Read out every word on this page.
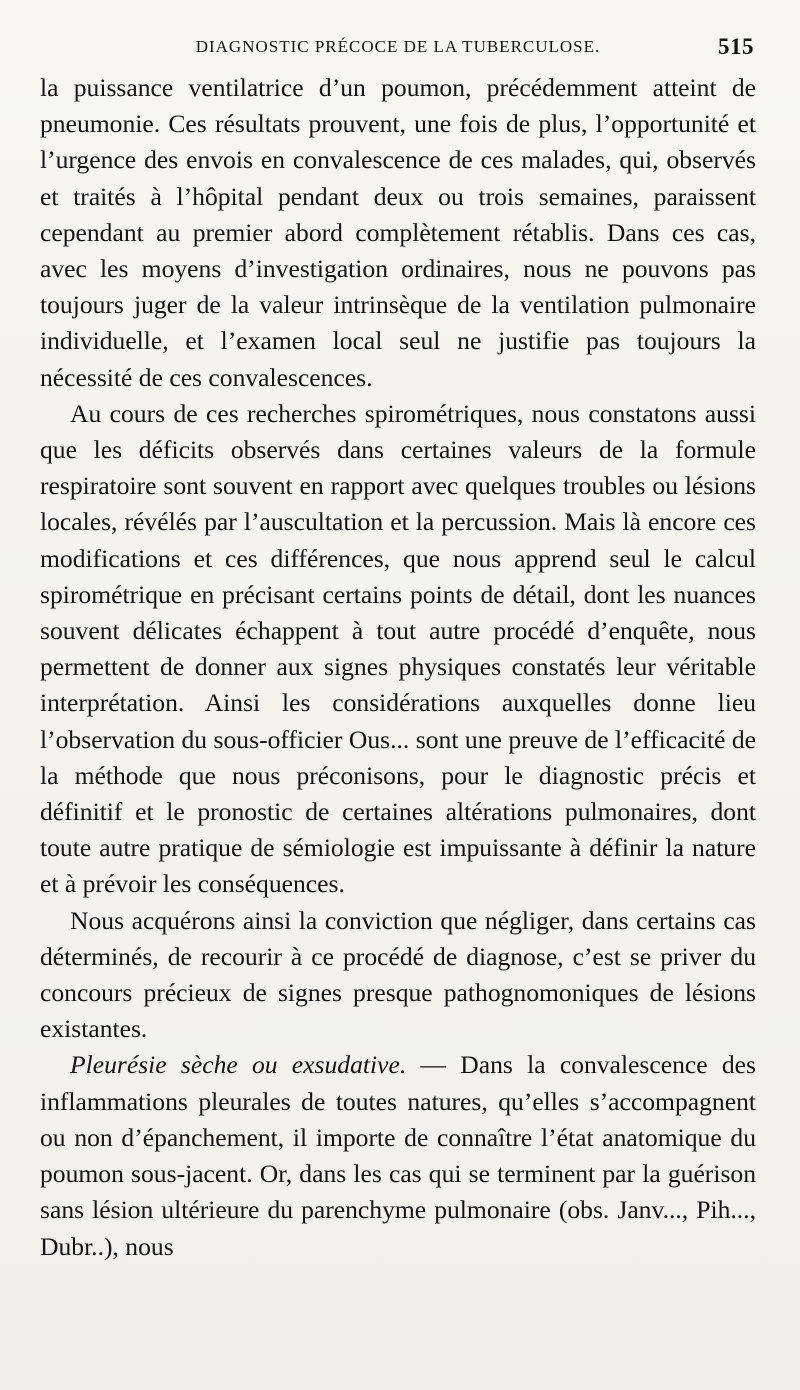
DIAGNOSTIC PRÉCOCE DE LA TUBERCULOSE.	515

la puissance ventilatrice d’un poumon, précédemment atteint de pneumonie. Ces résultats prouvent, une fois de plus, l’opportunité et l’urgence des envois en convalescence de ces malades, qui, observés et traités à l’hôpital pendant deux ou trois semaines, paraissent cependant au premier abord complètement rétablis. Dans ces cas, avec les moyens d’investigation ordinaires, nous ne pouvons pas toujours juger de la valeur intrinsèque de la ventilation pulmonaire individuelle, et l’examen local seul ne justifie pas toujours la nécessité de ces convalescences.

Au cours de ces recherches spirométriques, nous constatons aussi que les déficits observés dans certaines valeurs de la formule respiratoire sont souvent en rapport avec quelques troubles ou lésions locales, révélés par l’auscultation et la percussion. Mais là encore ces modifications et ces différences, que nous apprend seul le calcul spirométrique en précisant certains points de détail, dont les nuances souvent délicates échappent à tout autre procédé d’enquête, nous permettent de donner aux signes physiques constatés leur véritable interprétation. Ainsi les considérations auxquelles donne lieu l’observation du sous-officier Ous... sont une preuve de l’efficacité de la méthode que nous préconisons, pour le diagnostic précis et définitif et le pronostic de certaines altérations pulmonaires, dont toute autre pratique de sémiologie est impuissante à définir la nature et à prévoir les conséquences.

Nous acquérons ainsi la conviction que négliger, dans certains cas déterminés, de recourir à ce procédé de diagnose, c’est se priver du concours précieux de signes presque pathognomoniques de lésions existantes.

Pleurésie sèche ou exsudative. — Dans la convalescence des inflammations pleurales de toutes natures, qu’elles s’accompagnent ou non d’épanchement, il importe de connaître l’état anatomique du poumon sous-jacent. Or, dans les cas qui se terminent par la guérison sans lésion ultérieure du parenchyme pulmonaire (obs. Janv..., Pih..., Dubr..), nous
